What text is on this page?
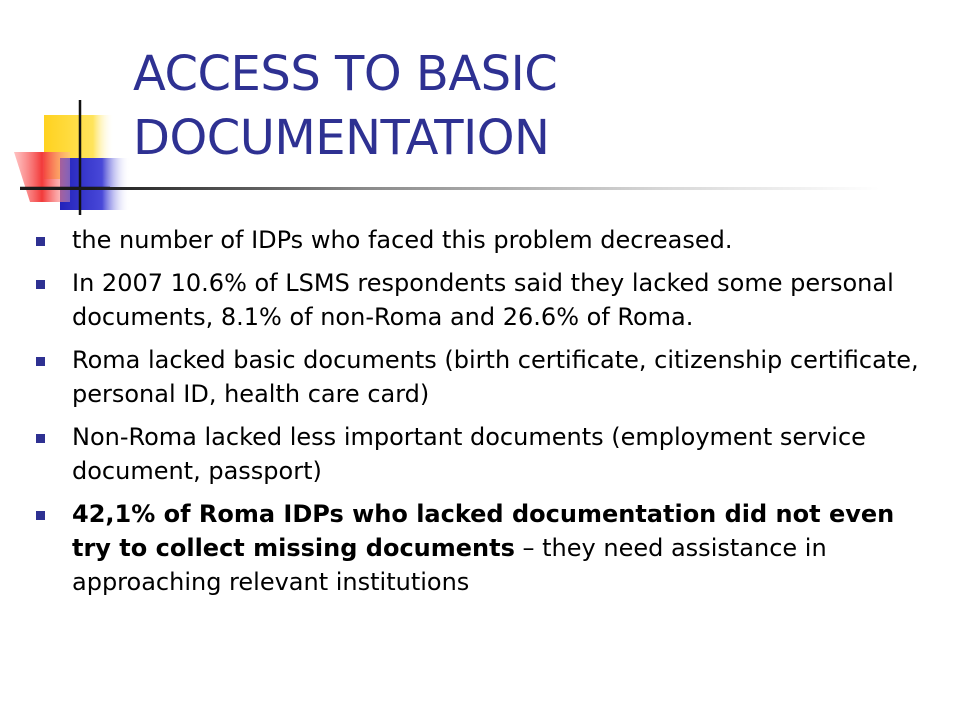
ACCESS TO BASIC
DOCUMENTATION
the number of IDPs who faced this problem decreased.
In 2007 10.6% of LSMS respondents said they lacked some personal documents, 8.1% of non-Roma and 26.6% of Roma.
Roma lacked basic documents (birth certificate, citizenship certificate, personal ID, health care card)
Non-Roma lacked less important documents (employment service document, passport)
42,1% of Roma IDPs who lacked documentation did not even try to collect missing documents – they need assistance in approaching relevant institutions
